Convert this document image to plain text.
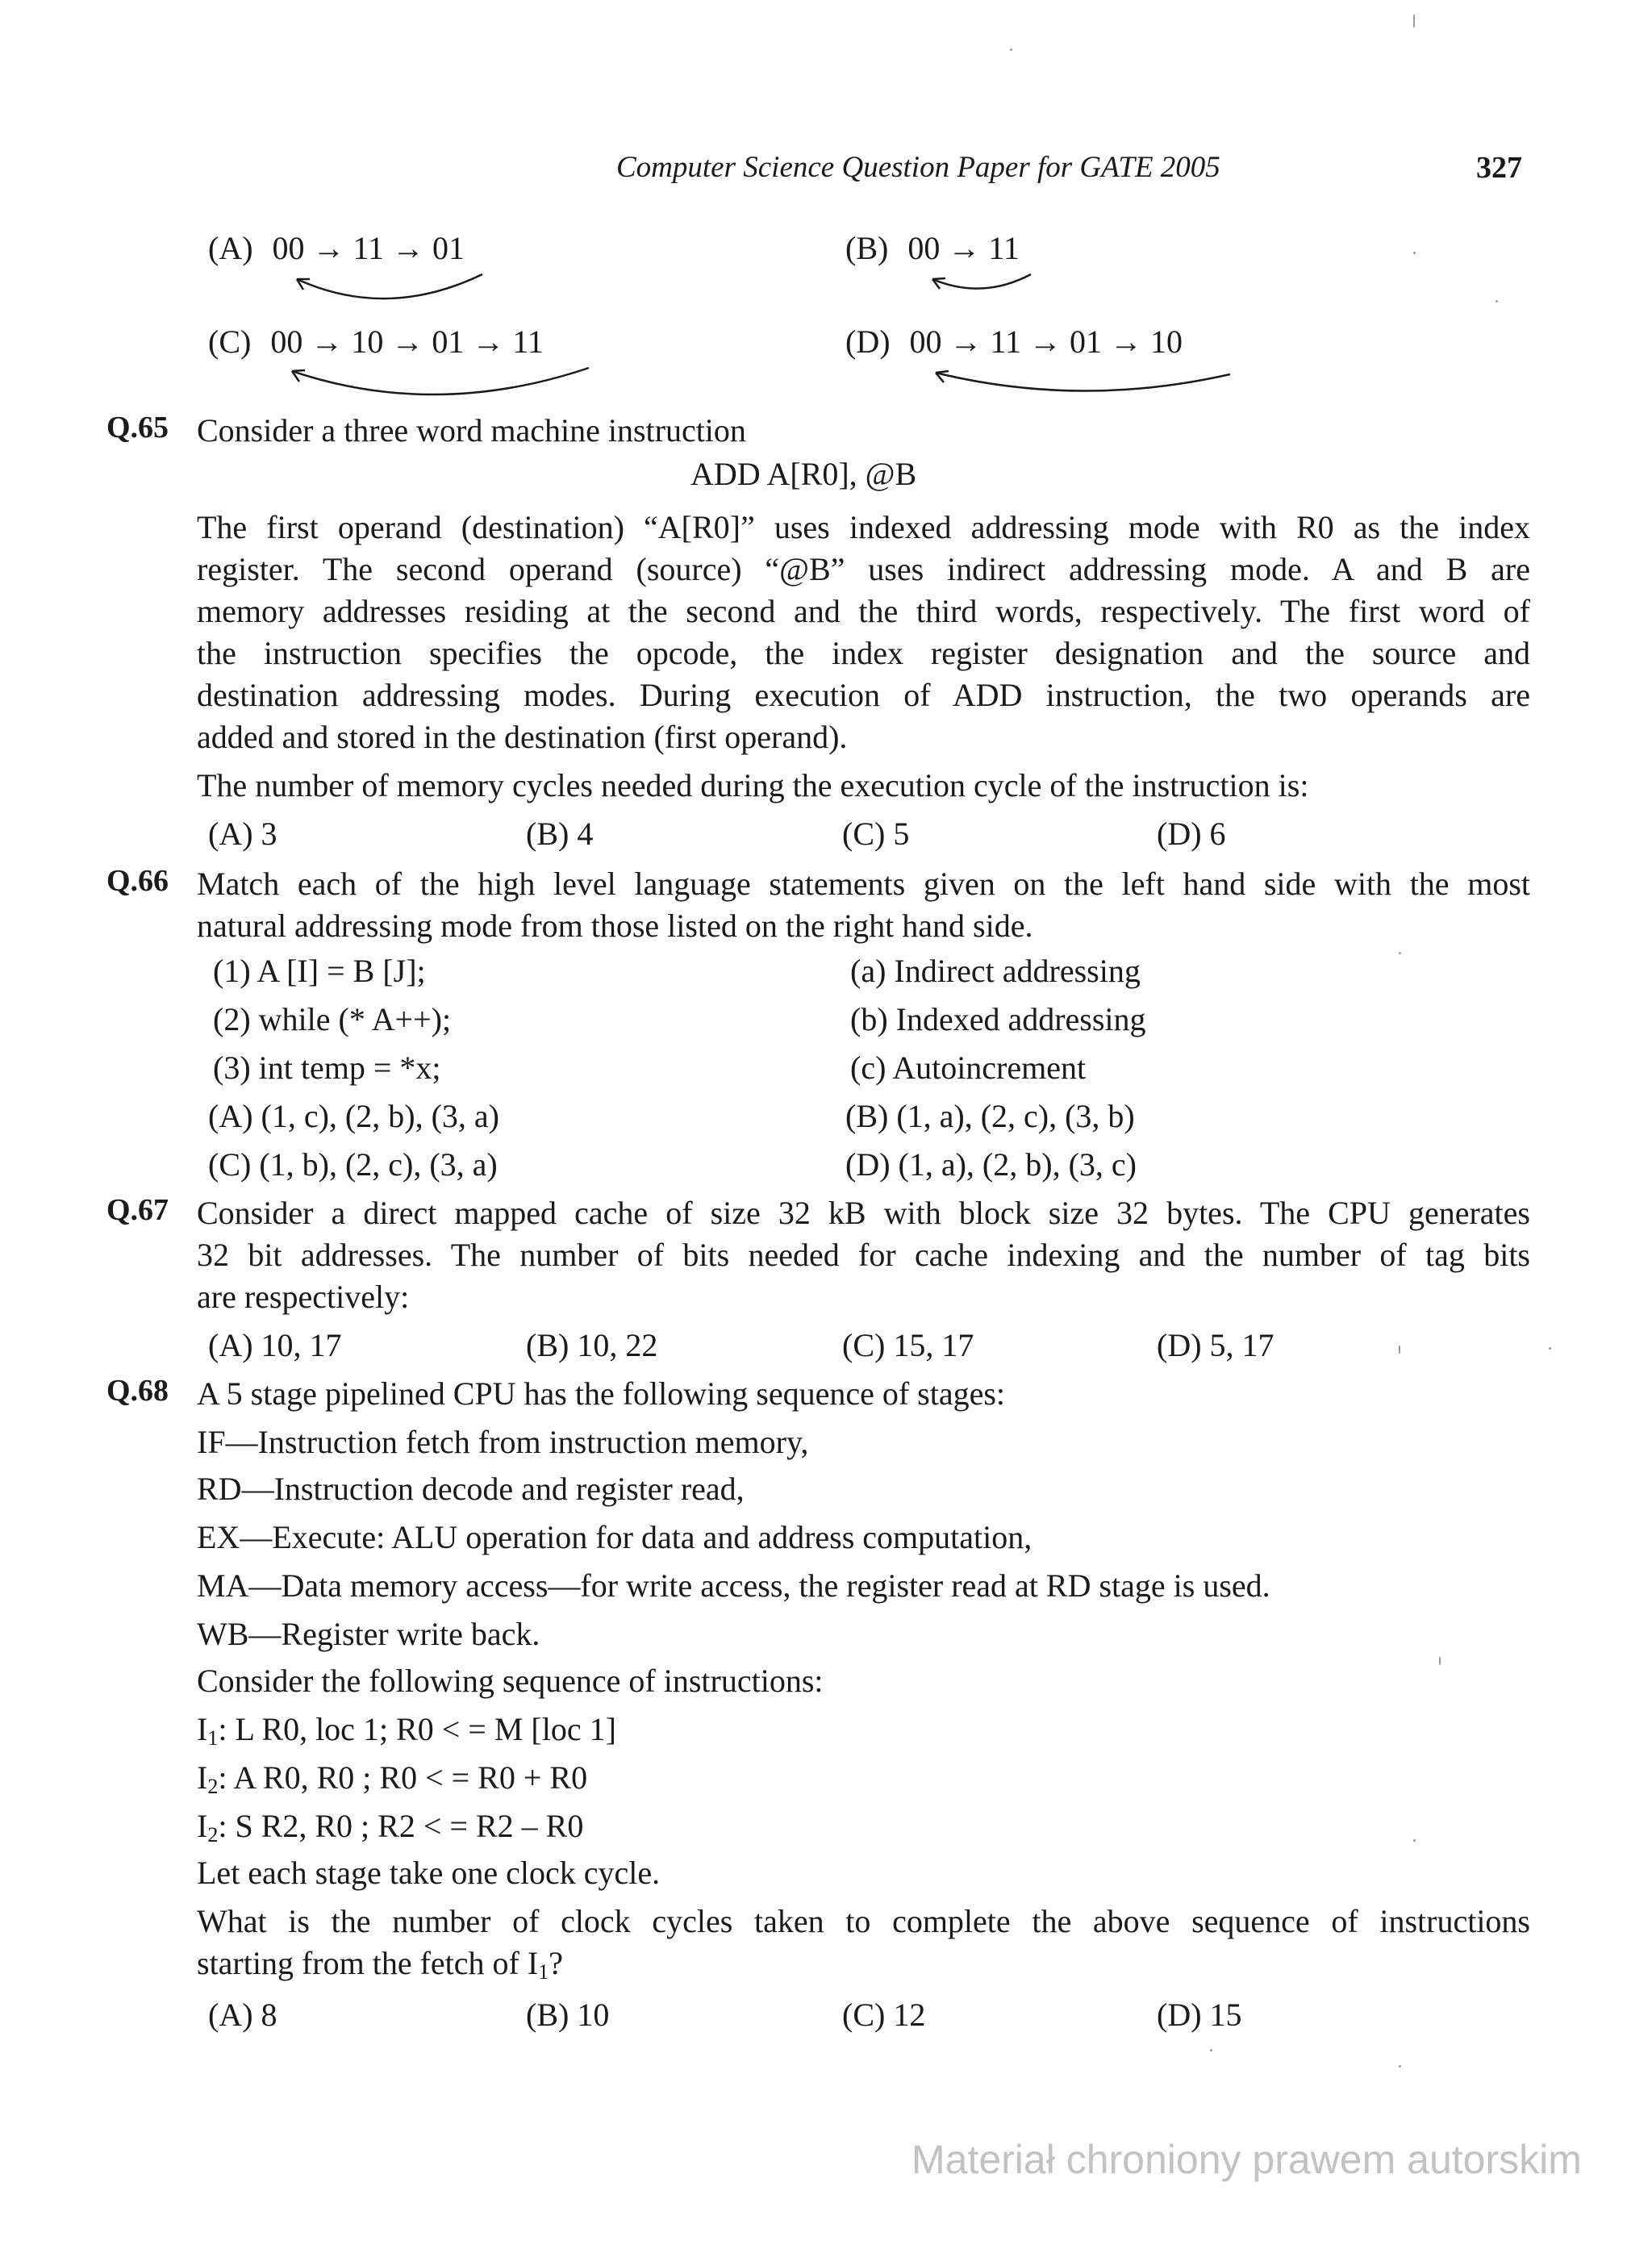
Computer Science Question Paper for GATE 2005	327
(A) 00 → 11 → 01	(B) 00 → 11
(C) 00 → 10 → 01 → 11	(D) 00 → 11 → 01 → 10
Q.65 Consider a three word machine instruction
ADD A[R0], @B
The first operand (destination) “A[R0]” uses indexed addressing mode with R0 as the index
register. The second operand (source) “@B” uses indirect addressing mode. A and B are
memory addresses residing at the second and the third words, respectively. The first word of
the instruction specifies the opcode, the index register designation and the source and
destination addressing modes. During execution of ADD instruction, the two operands are
added and stored in the destination (first operand).
The number of memory cycles needed during the execution cycle of the instruction is:
(A) 3	(B) 4	(C) 5	(D) 6
Q.66 Match each of the high level language statements given on the left hand side with the most
natural addressing mode from those listed on the right hand side.
(1) A [I] = B [J];	(a) Indirect addressing
(2) while (* A++);	(b) Indexed addressing
(3) int temp = *x;	(c) Autoincrement
(A) (1, c), (2, b), (3, a)	(B) (1, a), (2, c), (3, b)
(C) (1, b), (2, c), (3, a)	(D) (1, a), (2, b), (3, c)
Q.67 Consider a direct mapped cache of size 32 kB with block size 32 bytes. The CPU generates
32 bit addresses. The number of bits needed for cache indexing and the number of tag bits
are respectively:
(A) 10, 17	(B) 10, 22	(C) 15, 17	(D) 5, 17
Q.68 A 5 stage pipelined CPU has the following sequence of stages:
IF—Instruction fetch from instruction memory,
RD—Instruction decode and register read,
EX—Execute: ALU operation for data and address computation,
MA—Data memory access—for write access, the register read at RD stage is used.
WB—Register write back.
Consider the following sequence of instructions:
$I_1$: L R0, loc 1; R0 < = M [loc 1]
$I_2$: A R0, R0 ; R0 < = R0 + R0
$I_2$: S R2, R0 ; R2 < = R2 – R0
Let each stage take one clock cycle.
What is the number of clock cycles taken to complete the above sequence of instructions
starting from the fetch of $I_1$?
(A) 8	(B) 10	(C) 12	(D) 15
Materiał chroniony prawem autorskim
